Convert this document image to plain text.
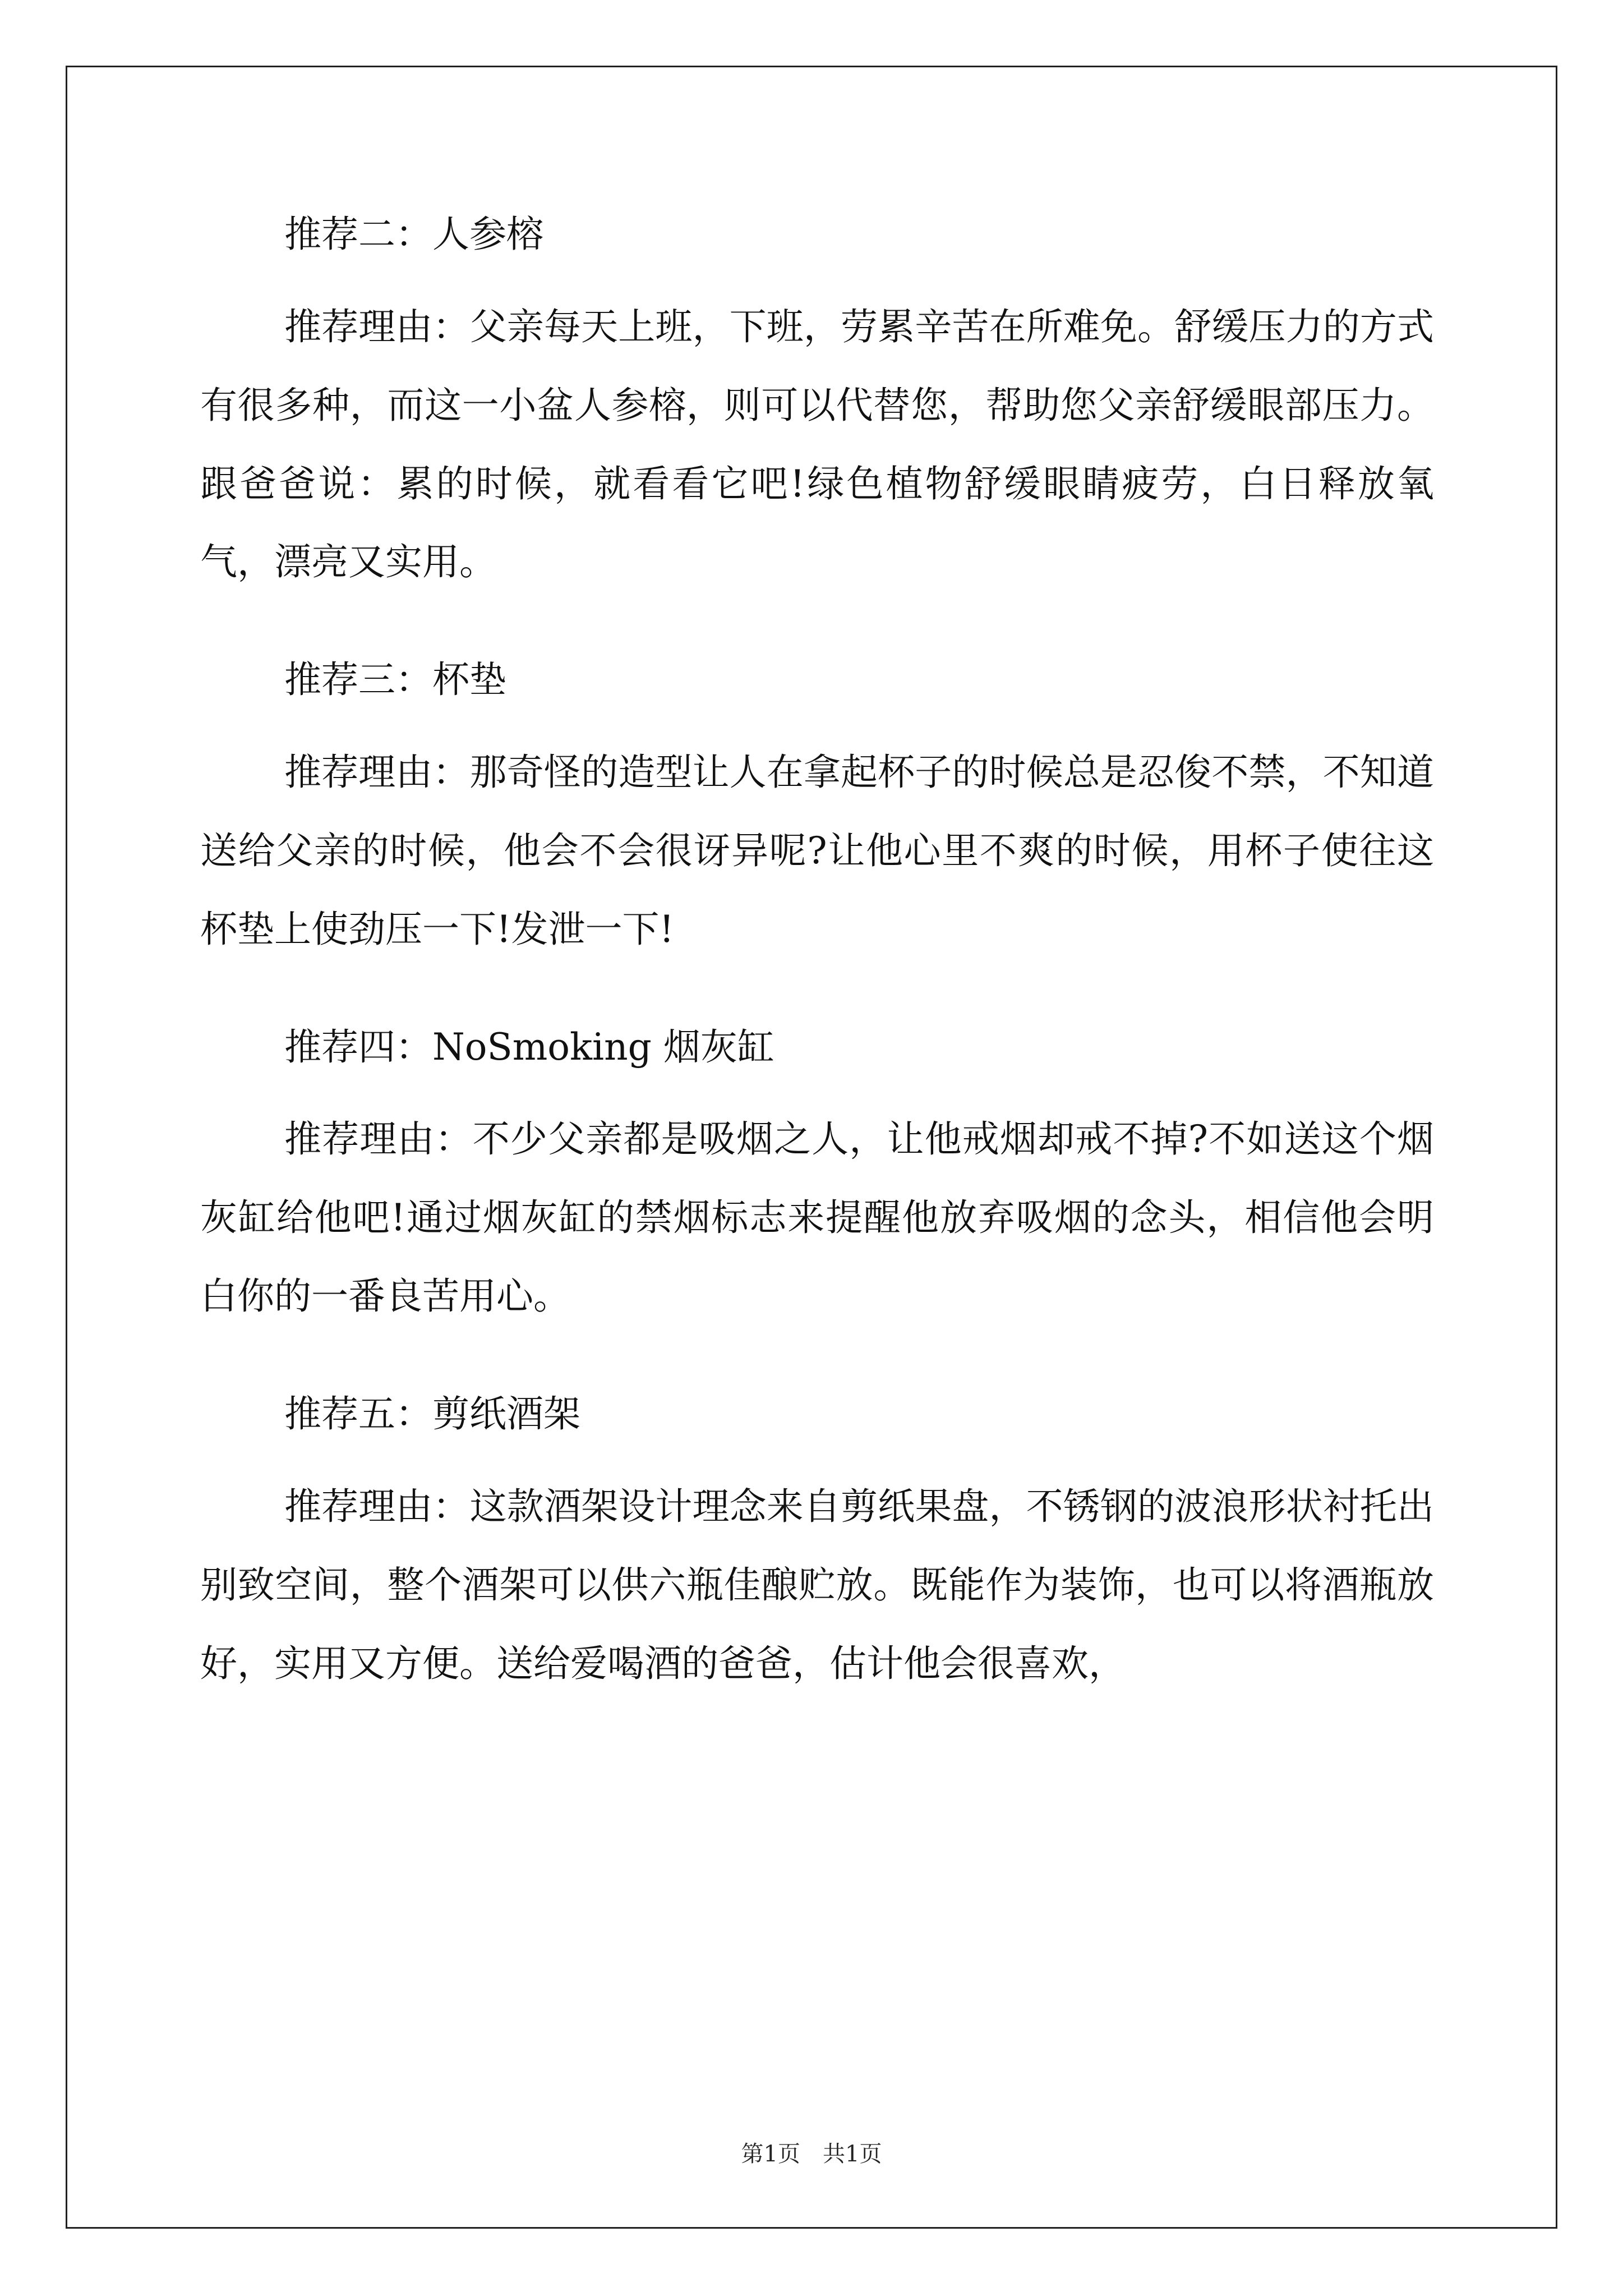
推荐二：人参榕

推荐理由：父亲每天上班，下班，劳累辛苦在所难免。舒缓压力的方式有很多种，而这一小盆人参榕，则可以代替您，帮助您父亲舒缓眼部压力。跟爸爸说：累的时候，就看看它吧!绿色植物舒缓眼睛疲劳，白日释放氧气，漂亮又实用。

推荐三：杯垫

推荐理由：那奇怪的造型让人在拿起杯子的时候总是忍俊不禁，不知道送给父亲的时候，他会不会很讶异呢?让他心里不爽的时候，用杯子使往这杯垫上使劲压一下!发泄一下!

推荐四：NoSmoking 烟灰缸

推荐理由：不少父亲都是吸烟之人，让他戒烟却戒不掉?不如送这个烟灰缸给他吧!通过烟灰缸的禁烟标志来提醒他放弃吸烟的念头，相信他会明白你的一番良苦用心。

推荐五：剪纸酒架

推荐理由：这款酒架设计理念来自剪纸果盘，不锈钢的波浪形状衬托出别致空间，整个酒架可以供六瓶佳酿贮放。既能作为装饰，也可以将酒瓶放好，实用又方便。送给爱喝酒的爸爸，估计他会很喜欢，

第1页　共1页
